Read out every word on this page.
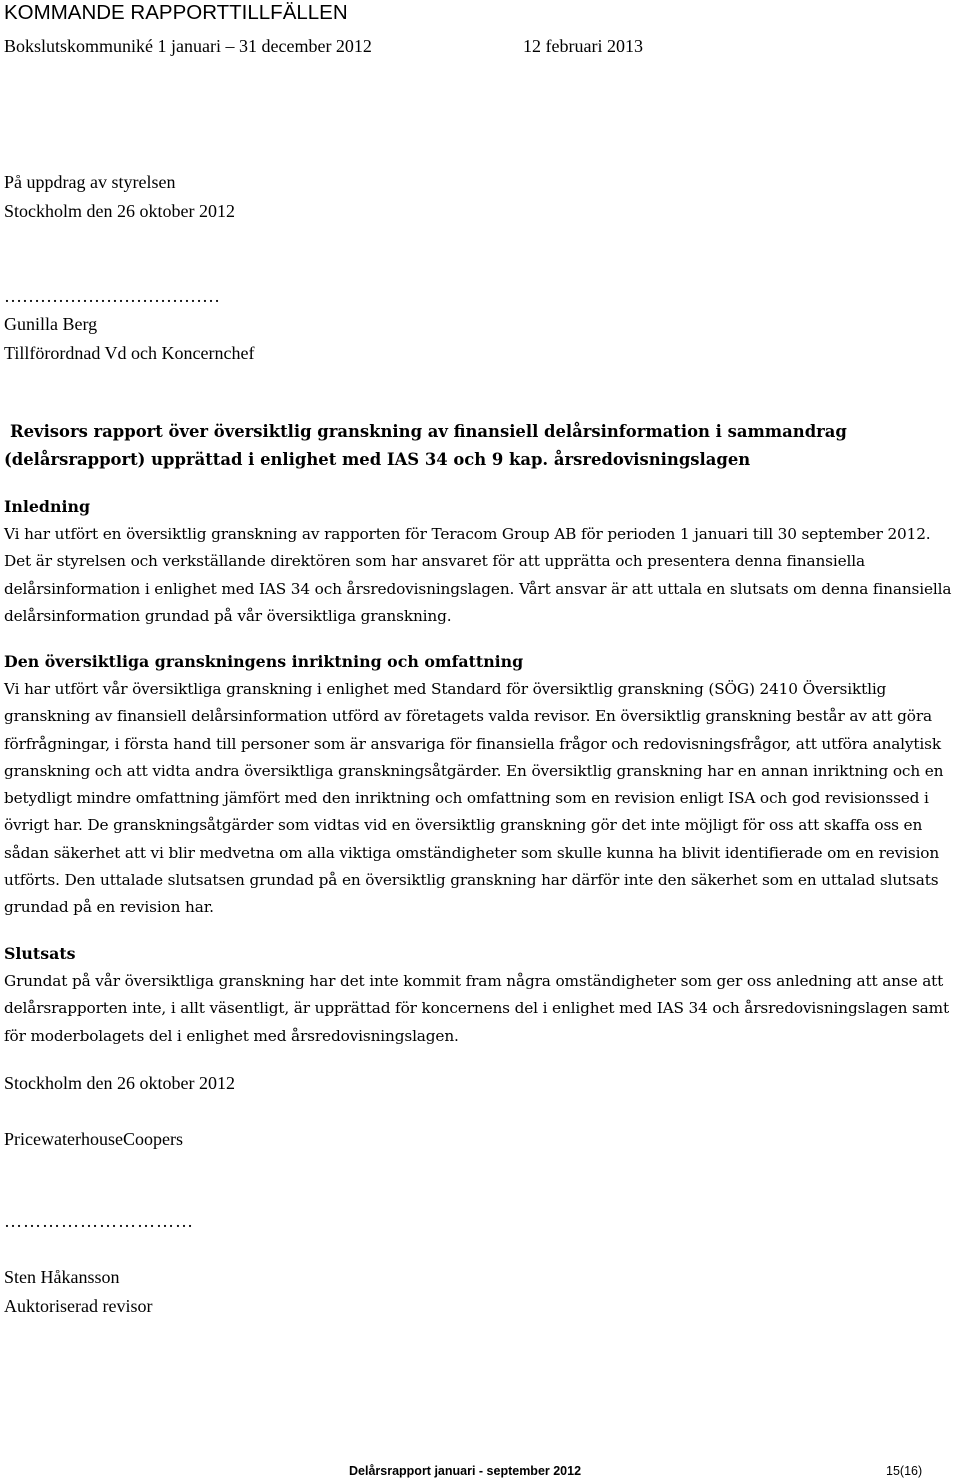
KOMMANDE RAPPORTTILLFÄLLEN
Bokslutskommuniké 1 januari – 31 december 2012	12 februari 2013
På uppdrag av styrelsen
Stockholm den 26 oktober 2012
………………………………
Gunilla Berg
Tillförordnad Vd och Koncernchef
Revisors rapport över översiktlig granskning av finansiell delårsinformation i sammandrag
(delårsrapport) upprättad i enlighet med IAS 34 och 9 kap. årsredovisningslagen
Inledning
Vi har utfört en översiktlig granskning av rapporten för Teracom Group AB för perioden 1 januari till 30 september 2012. Det är styrelsen och verkställande direktören som har ansvaret för att upprätta och presentera denna finansiella delårsinformation i enlighet med IAS 34 och årsredovisningslagen. Vårt ansvar är att uttala en slutsats om denna finansiella delårsinformation grundad på vår översiktliga granskning.
Den översiktliga granskningens inriktning och omfattning
Vi har utfört vår översiktliga granskning i enlighet med Standard för översiktlig granskning (SÖG) 2410 Översiktlig granskning av finansiell delårsinformation utförd av företagets valda revisor. En översiktlig granskning består av att göra förfrågningar, i första hand till personer som är ansvariga för finansiella frågor och redovisningsfrågor, att utföra analytisk granskning och att vidta andra översiktliga granskningsåtgärder. En översiktlig granskning har en annan inriktning och en betydligt mindre omfattning jämfört med den inriktning och omfattning som en revision enligt ISA och god revisionssed i övrigt har. De granskningsåtgärder som vidtas vid en översiktlig granskning gör det inte möjligt för oss att skaffa oss en sådan säkerhet att vi blir medvetna om alla viktiga omständigheter som skulle kunna ha blivit identifierade om en revision utförts. Den uttalade slutsatsen grundad på en översiktlig granskning har därför inte den säkerhet som en uttalad slutsats grundad på en revision har.
Slutsats
Grundat på vår översiktliga granskning har det inte kommit fram några omständigheter som ger oss anledning att anse att delårsrapporten inte, i allt väsentligt, är upprättad för koncernens del i enlighet med IAS 34 och årsredovisningslagen samt för moderbolagets del i enlighet med årsredovisningslagen.
Stockholm den 26 oktober 2012
PricewaterhouseCoopers
…………………………
Sten Håkansson
Auktoriserad revisor
Delårsrapport januari - september 2012	15(16)
